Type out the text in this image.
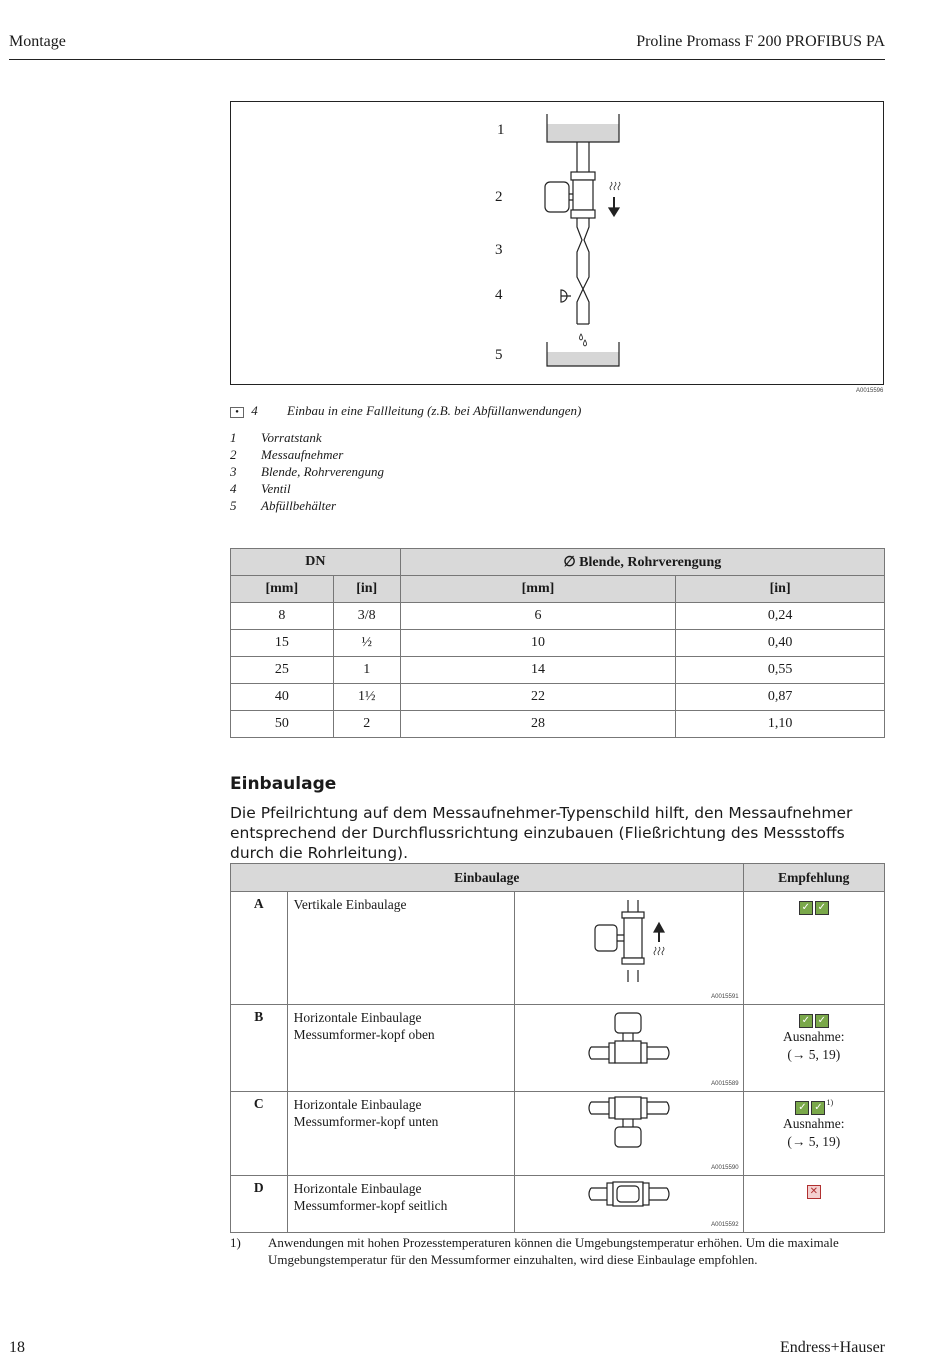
Montage	Proline Promass F 200 PROFIBUS PA
1
2
3
4
5
A0015596
● 4 Einbau in eine Fallleitung (z.B. bei Abfüllanwendungen)
1	Vorratstank
2	Messaufnehmer
3	Blende, Rohrverengung
4	Ventil
5	Abfüllbehälter
DN		∅ Blende, Rohrverengung	
[mm]	[in]	[mm]	[in]
8	3/8	6	0,24
15	½	10	0,40
25	1	14	0,55
40	1½	22	0,87
50	2	28	1,10
Einbaulage
Die Pfeilrichtung auf dem Messaufnehmer-Typenschild hilft, den Messaufnehmer entsprechend der Durchflussrichtung einzubauen (Fließrichtung des Messstoffs durch die Rohrleitung).
Einbaulage			Empfehlung
A	Vertikale Einbaulage	A0015591	✓ ✓
B	Horizontale Einbaulage Messumformer-kopf oben	A0015589	✓ ✓
Ausnahme:
(→ 5, 19)

C	Horizontale Einbaulage Messumformer-kopf unten	A0015590	✓ ✓ $^{1)}$
Ausnahme:
(→ 5, 19)

D	Horizontale Einbaulage Messumformer-kopf seitlich	A0015592	✕
1)	Anwendungen mit hohen Prozesstemperaturen können die Umgebungstemperatur erhöhen. Um die maximale Umgebungstemperatur für den Messumformer einzuhalten, wird diese Einbaulage empfohlen.
18	Endress+Hauser
